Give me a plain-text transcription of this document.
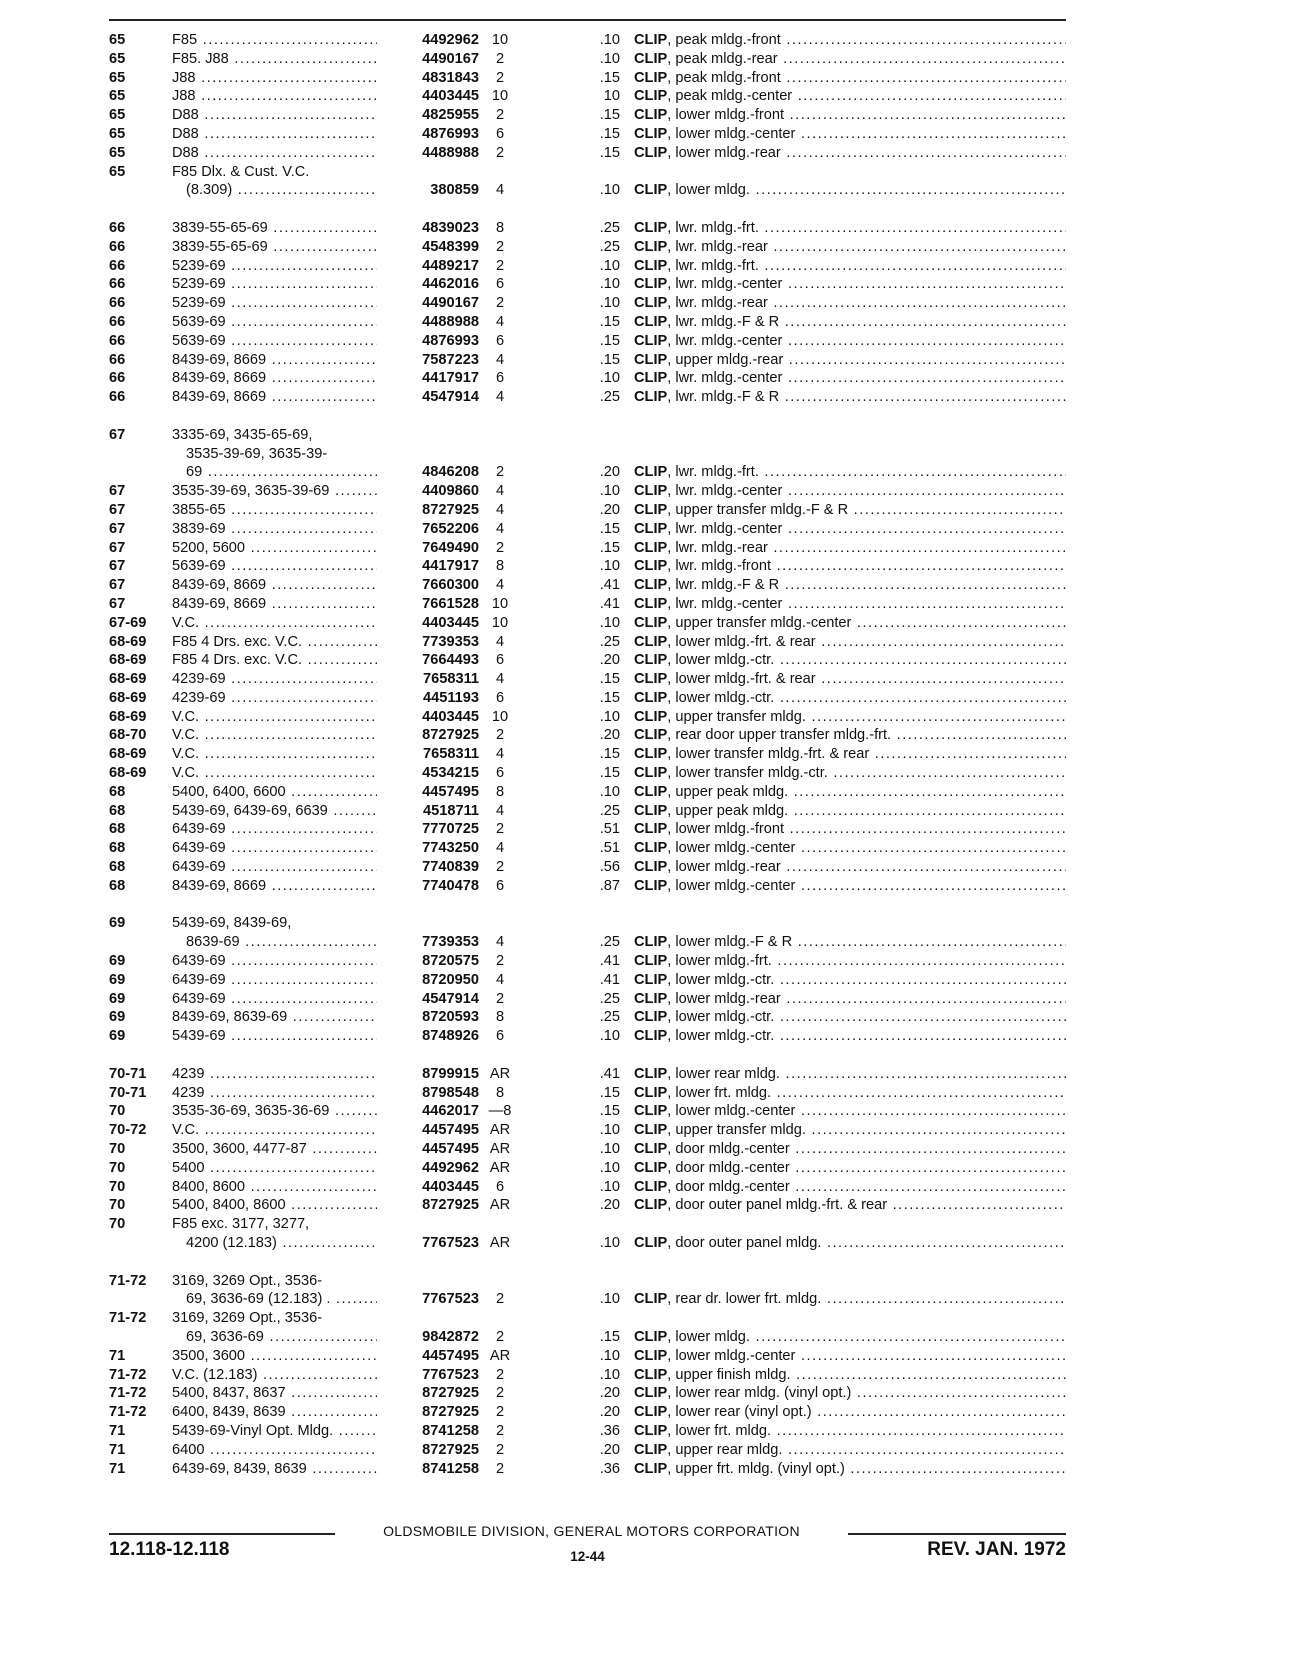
65	F85 .....	4492962 10	.10 CLIP, peak mldg.-front .....
65	F85. J88 .....	4490167	2	.10 CLIP, peak mldg.-rear .....
65	J88 .....	4831843	2	.15 CLIP, peak mldg.-front .....
65	J88 .....	4403445 10	10 CLIP, peak mldg.-center .....
65	D88 .....	4825955	2	.15 CLIP, lower mldg.-front .....
65	D88 .....	4876993	6	.15 CLIP, lower mldg.-center .....
65	D88 .....	4488988	2	.15 CLIP, lower mldg.-rear .....
65	F85 Dlx. & Cust. V.C.
(8.309) .....	380859	4	.10 CLIP, lower mldg. .....
66	3839-55-65-69 .....	4839023	8	.25 CLIP, lwr. mldg.-frt. .....
66	3839-55-65-69 .....	4548399	2	.25 CLIP, lwr. mldg.-rear .....
66	5239-69 .....	4489217	2	.10 CLIP, lwr. mldg.-frt. .....
66	5239-69 .....	4462016	6	.10 CLIP, lwr. mldg.-center .....
66	5239-69 .....	4490167	2	.10 CLIP, lwr. mldg.-rear .....
66	5639-69 .....	4488988	4	.15 CLIP, lwr. mldg.-F & R .....
66	5639-69 .....	4876993	6	.15 CLIP, lwr. mldg.-center .....
66	8439-69, 8669 .....	7587223	4	.15 CLIP, upper mldg.-rear .....
66	8439-69, 8669 .....	4417917	6	.10 CLIP, lwr. mldg.-center .....
66	8439-69, 8669 .....	4547914	4	.25 CLIP, lwr. mldg.-F & R .....
67	3335-69, 3435-65-69,
3535-39-69, 3635-39-
69 .....	4846208	2	.20 CLIP, lwr. mldg.-frt. .....
67	3535-39-69, 3635-39-69 .....	4409860	4	.10 CLIP, lwr. mldg.-center .....
67	3855-65 .....	8727925	4	.20 CLIP, upper transfer mldg.-F & R .....
67	3839-69 .....	7652206	4	.15 CLIP, lwr. mldg.-center .....
67	5200, 5600 .....	7649490	2	.15 CLIP, lwr. mldg.-rear .....
67	5639-69 .....	4417917	8	.10 CLIP, lwr. mldg.-front .....
67	8439-69, 8669 .....	7660300	4	.41 CLIP, lwr. mldg.-F & R .....
67	8439-69, 8669 .....	7661528 10	.41 CLIP, lwr. mldg.-center .....
67-69 V.C. .....	4403445 10	.10 CLIP, upper transfer mldg.-center .....
68-69 F85 4 Drs. exc. V.C. .....	7739353	4	.25 CLIP, lower mldg.-frt. & rear .....
68-69 F85 4 Drs. exc. V.C. .....	7664493	6	.20 CLIP, lower mldg.-ctr. .....
68-69 4239-69 .....	7658311	4	.15 CLIP, lower mldg.-frt. & rear .....
68-69 4239-69 .....	4451193	6	.15 CLIP, lower mldg.-ctr. .....
68-69 V.C. .....	4403445 10	.10 CLIP, upper transfer mldg. .....
68-70 V.C. .....	8727925	2	.20 CLIP, rear door upper transfer mldg.-frt. .....
68-69 V.C. .....	7658311	4	.15 CLIP, lower transfer mldg.-frt. & rear .....
68-69 V.C. .....	4534215	6	.15 CLIP, lower transfer mldg.-ctr. .....
68	5400, 6400, 6600 .....	4457495	8	.10 CLIP, upper peak mldg. .....
68	5439-69, 6439-69, 6639 .....	4518711	4	.25 CLIP, upper peak mldg. .....
68	6439-69 .....	7770725	2	.51 CLIP, lower mldg.-front .....
68	6439-69 .....	7743250	4	.51 CLIP, lower mldg.-center .....
68	6439-69 .....	7740839	2	.56 CLIP, lower mldg.-rear .....
68	8439-69, 8669 .....	7740478	6	.87 CLIP, lower mldg.-center .....
69	5439-69, 8439-69,
8639-69 .....	7739353	4	.25 CLIP, lower mldg.-F & R .....
69	6439-69 .....	8720575	2	.41 CLIP, lower mldg.-frt. .....
69	6439-69 .....	8720950	4	.41 CLIP, lower mldg.-ctr. .....
69	6439-69 .....	4547914	2	.25 CLIP, lower mldg.-rear .....
69	8439-69, 8639-69 .....	8720593	8	.25 CLIP, lower mldg.-ctr. .....
69	5439-69 .....	8748926	6	.10 CLIP, lower mldg.-ctr. .....
70-71 4239 .....	8799915 AR	.41 CLIP, lower rear mldg. .....
70-71 4239 .....	8798548	8	.15 CLIP, lower frt. mldg. .....
70	3535-36-69, 3635-36-69 .....	4462017 —8	.15 CLIP, lower mldg.-center .....
70-72 V.C. .....	4457495 AR	.10 CLIP, upper transfer mldg. .....
70	3500, 3600, 4477-87 .....	4457495 AR	.10 CLIP, door mldg.-center .....
70	5400 .....	4492962 AR	.10 CLIP, door mldg.-center .....
70	8400, 8600 .....	4403445	6	.10 CLIP, door mldg.-center .....
70	5400, 8400, 8600 .....	8727925 AR	.20 CLIP, door outer panel mldg.-frt. & rear .....
70	F85 exc. 3177, 3277,
4200 (12.183) .....	7767523 AR	.10 CLIP, door outer panel mldg. .....
71-72 3169, 3269 Opt., 3536-
69, 3636-69 (12.183) . .....	7767523	2	.10 CLIP, rear dr. lower frt. mldg. .....
71-72 3169, 3269 Opt., 3536-
69, 3636-69 .....	9842872	2	.15 CLIP, lower mldg. .....
71	3500, 3600 .....	4457495 AR	.10 CLIP, lower mldg.-center .....
71-72 V.C. (12.183) .....	7767523	2	.10 CLIP, upper finish mldg. .....
71-72 5400, 8437, 8637 .....	8727925	2	.20 CLIP, lower rear mldg. (vinyl opt.) .....
71-72 6400, 8439, 8639 .....	8727925	2	.20 CLIP, lower rear (vinyl opt.) .....
71	5439-69-Vinyl Opt. Mldg. .....	8741258	2	.36 CLIP, lower frt. mldg. .....
71	6400 .....	8727925	2	.20 CLIP, upper rear mldg. .....
71	6439-69, 8439, 8639 .....	8741258	2	.36 CLIP, upper frt. mldg. (vinyl opt.) .....
OLDSMOBILE DIVISION, GENERAL MOTORS CORPORATION
12.118-12.118	12-44	REV. JAN. 1972
